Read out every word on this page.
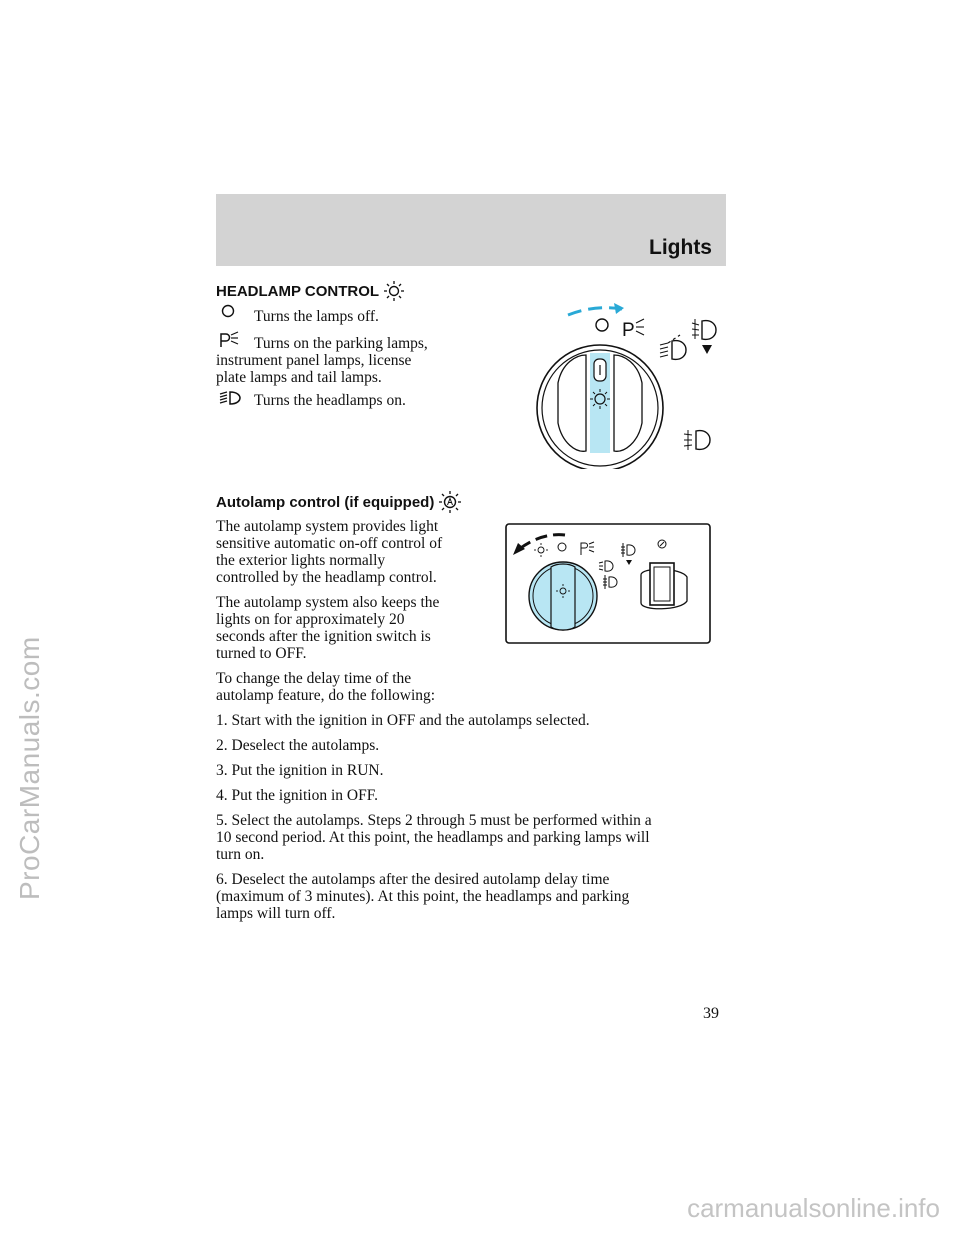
ProCarManuals.com
carmanualsonline.info
Lights
HEADLAMP CONTROL

Turns the lamps off.

Turns on the parking lamps,

instrument panel lamps, license

plate lamps and tail lamps.

Turns the headlamps on.

P
Autolamp control (if equipped)

The autolamp system provides light

sensitive automatic on-off control of

the exterior lights normally

controlled by the headlamp control.

The autolamp system also keeps the

lights on for approximately 20

seconds after the ignition switch is

turned to OFF.

To change the delay time of the

autolamp feature, do the following:

1. Start with the ignition in OFF and the autolamps selected.

2. Deselect the autolamps.

3. Put the ignition in RUN.

4. Put the ignition in OFF.

5. Select the autolamps. Steps 2 through 5 must be performed within a

10 second period. At this point, the headlamps and parking lamps will

turn on.

6. Deselect the autolamps after the desired autolamp delay time

(maximum of 3 minutes). At this point, the headlamps and parking

lamps will turn off.

39
